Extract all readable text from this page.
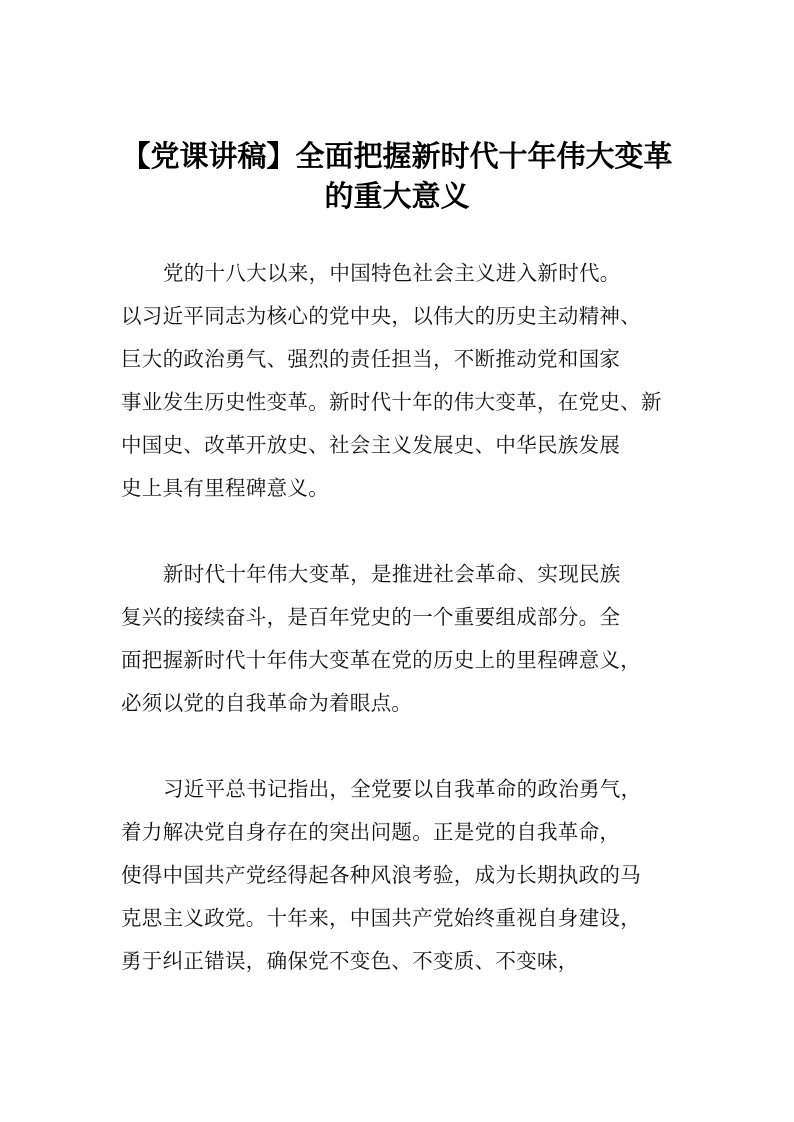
【党课讲稿】全面把握新时代十年伟大变革
的重大意义
党的十八大以来，中国特色社会主义进入新时代。
以习近平同志为核心的党中央，以伟大的历史主动精神、
巨大的政治勇气、强烈的责任担当，不断推动党和国家
事业发生历史性变革。新时代十年的伟大变革，在党史、新
中国史、改革开放史、社会主义发展史、中华民族发展
史上具有里程碑意义。
新时代十年伟大变革，是推进社会革命、实现民族
复兴的接续奋斗，是百年党史的一个重要组成部分。全
面把握新时代十年伟大变革在党的历史上的里程碑意义，
必须以党的自我革命为着眼点。
习近平总书记指出，全党要以自我革命的政治勇气，
着力解决党自身存在的突出问题。正是党的自我革命，
使得中国共产党经得起各种风浪考验，成为长期执政的马
克思主义政党。十年来，中国共产党始终重视自身建设，
勇于纠正错误，确保党不变色、不变质、不变味，
